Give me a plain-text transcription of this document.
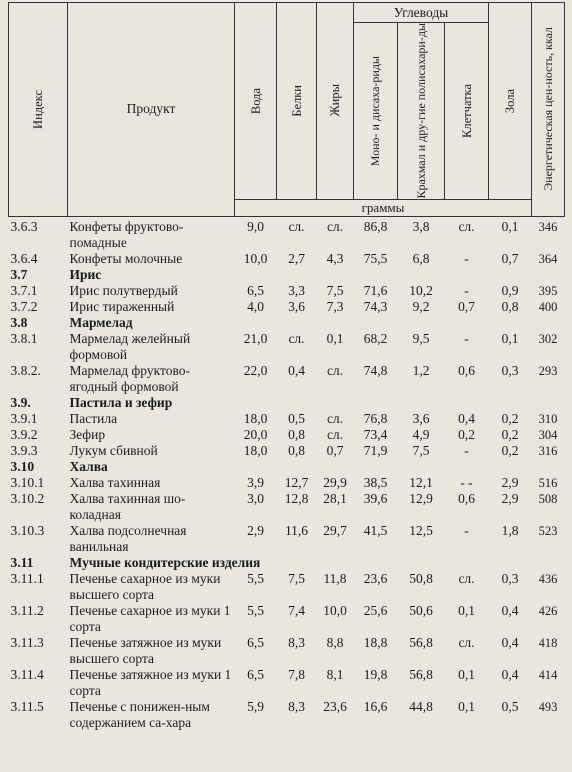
Индекс	Продукт	Вода	Белки	Жиры	Углеводы			Зола	Энергетическая цен-ность, ккал

					Моно- и дисаха-риды	Крахмал и дру-гие полисахари-ды	Клетчатка		

		граммы							
3.6.3	Конфеты фруктово-помадные	9,0	сл.	сл.	86,8	3,8	сл.	0,1	346
3.6.4	Конфеты молочные	10,0	2,7	4,3	75,5	6,8	-	0,7	364
3.7	Ирис								
3.7.1	Ирис полутвердый	6,5	3,3	7,5	71,6	10,2	-	0,9	395
3.7.2	Ирис тираженный	4,0	3,6	7,3	74,3	9,2	0,7	0,8	400
3.8	Мармелад								
3.8.1	Мармелад желейный формовой	21,0	сл.	0,1	68,2	9,5	-	0,1	302
3.8.2.	Мармелад фруктово-ягодный формовой	22,0	0,4	сл.	74,8	1,2	0,6	0,3	293
3.9.	Пастила и зефир								
3.9.1	Пастила	18,0	0,5	сл.	76,8	3,6	0,4	0,2	310
3.9.2	Зефир	20,0	0,8	сл.	73,4	4,9	0,2	0,2	304
3.9.3	Лукум сбивной	18,0	0,8	0,7	71,9	7,5	-	0,2	316
3.10	Халва								
3.10.1	Халва тахинная	3,9	12,7	29,9	38,5	12,1	- -	2,9	516
3.10.2	Халва тахинная шо-коладная	3,0	12,8	28,1	39,6	12,9	0,6	2,9	508
3.10.3	Халва подсолнечная ванильная	2,9	11,6	29,7	41,5	12,5	-	1,8	523
3.11	Мучные кондитерские изделия								
3.11.1	Печенье сахарное из муки высшего сорта	5,5	7,5	11,8	23,6	50,8	сл.	0,3	436
3.11.2	Печенье сахарное из муки 1 сорта	5,5	7,4	10,0	25,6	50,6	0,1	0,4	426
3.11.3	Печенье затяжное из муки высшего сорта	6,5	8,3	8,8	18,8	56,8	сл.	0,4	418
3.11.4	Печенье затяжное из муки 1 сорта	6,5	7,8	8,1	19,8	56,8	0,1	0,4	414
3.11.5	Печенье с понижен-ным содержанием са-хара	5,9	8,3	23,6	16,6	44,8	0,1	0,5	493
